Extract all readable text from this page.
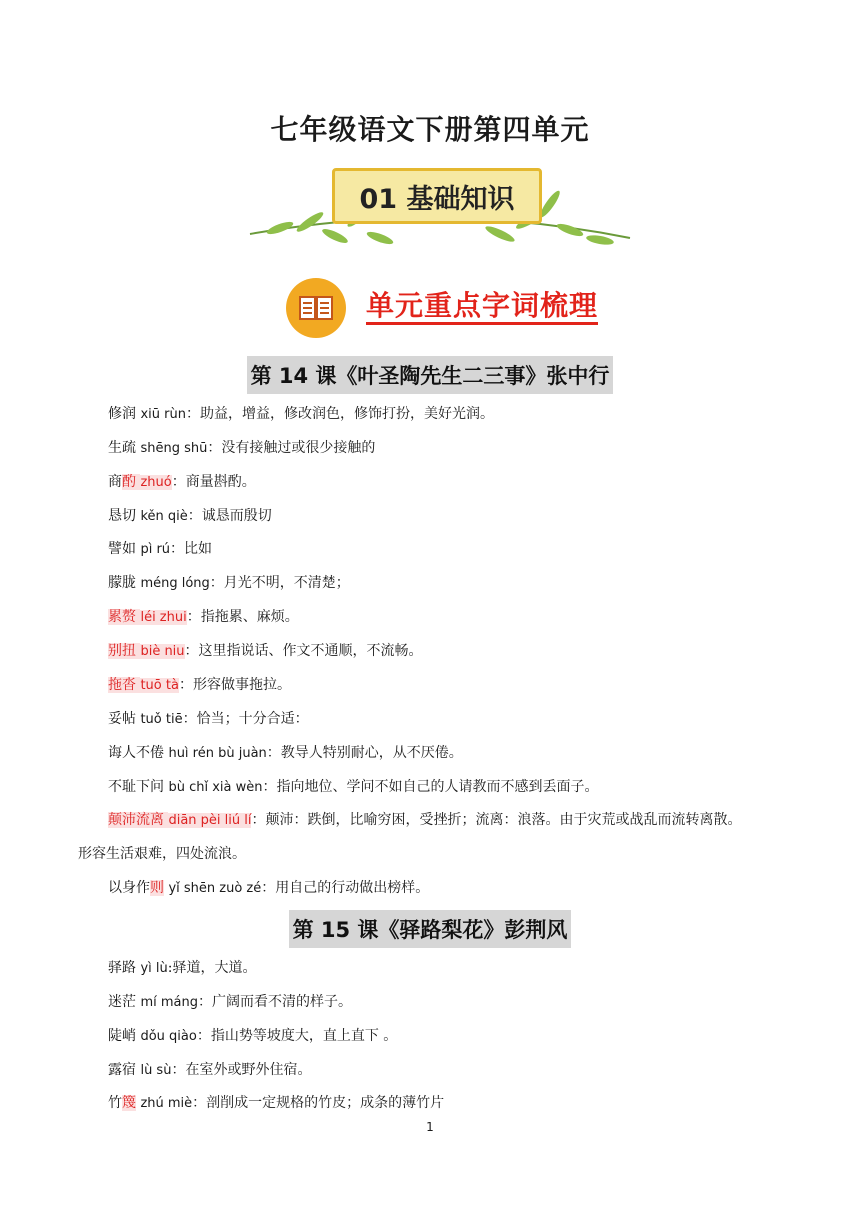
七年级语文下册第四单元
01 基础知识
单元重点字词梳理
第 14 课《叶圣陶先生二三事》张中行
修润 xiū rùn：助益，增益，修改润色，修饰打扮，美好光润。
生疏 shēng shū：没有接触过或很少接触的
商酌 zhuó：商量斟酌。
恳切 kěn qiè：诚恳而殷切
譬如 pì rú：比如
朦胧 méng lóng：月光不明，不清楚；
累赘 léi zhui：指拖累、麻烦。
别扭 biè niu：这里指说话、作文不通顺，不流畅。
拖沓 tuō tà：形容做事拖拉。
妥帖 tuǒ tiē：恰当；十分合适：
诲人不倦 huì rén bù juàn：教导人特别耐心，从不厌倦。
不耻下问 bù chǐ xià wèn：指向地位、学问不如自己的人请教而不感到丢面子。
颠沛流离 diān pèi liú lí：颠沛：跌倒，比喻穷困，受挫折；流离：浪落。由于灾荒或战乱而流转离散。
形容生活艰难，四处流浪。
以身作则 yǐ shēn zuò zé：用自己的行动做出榜样。
第 15 课《驿路梨花》彭荆风
驿路 yì lù:驿道，大道。
迷茫 mí máng：广阔而看不清的样子。
陡峭 dǒu qiào：指山势等坡度大，直上直下 。
露宿 lù sù：在室外或野外住宿。
竹篾 zhú miè：剖削成一定规格的竹皮；成条的薄竹片
1
